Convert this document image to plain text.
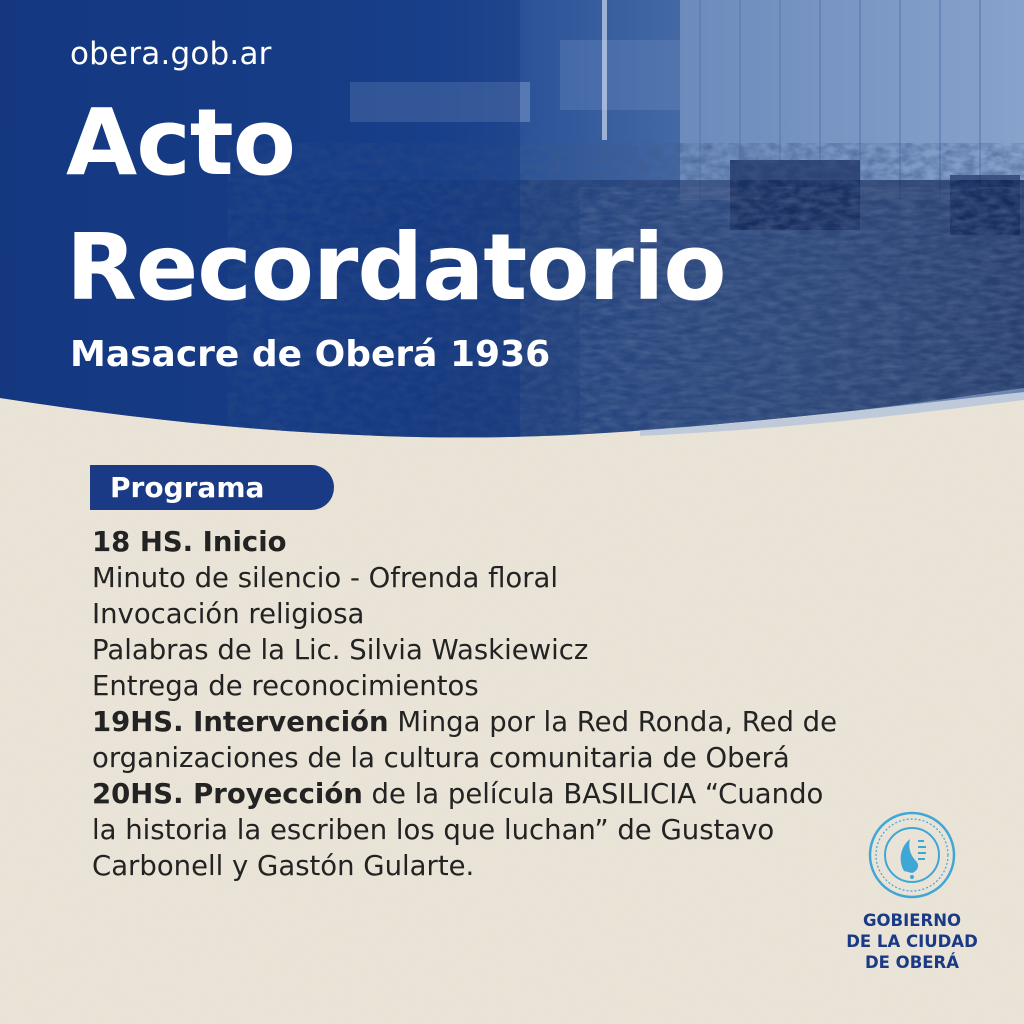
obera.gob.ar
Acto
Recordatorio
Masacre de Oberá 1936
Programa
18 HS. Inicio
Minuto de silencio - Ofrenda floral
Invocación religiosa
Palabras de la Lic. Silvia Waskiewicz
Entrega de reconocimientos
19HS. Intervención Minga por la Red Ronda, Red de
organizaciones de la cultura comunitaria de Oberá
20HS. Proyección de la película BASILICIA “Cuando
la historia la escriben los que luchan” de Gustavo
Carbonell y Gastón Gularte.
GOBIERNO
DE LA CIUDAD
DE OBERÁ
